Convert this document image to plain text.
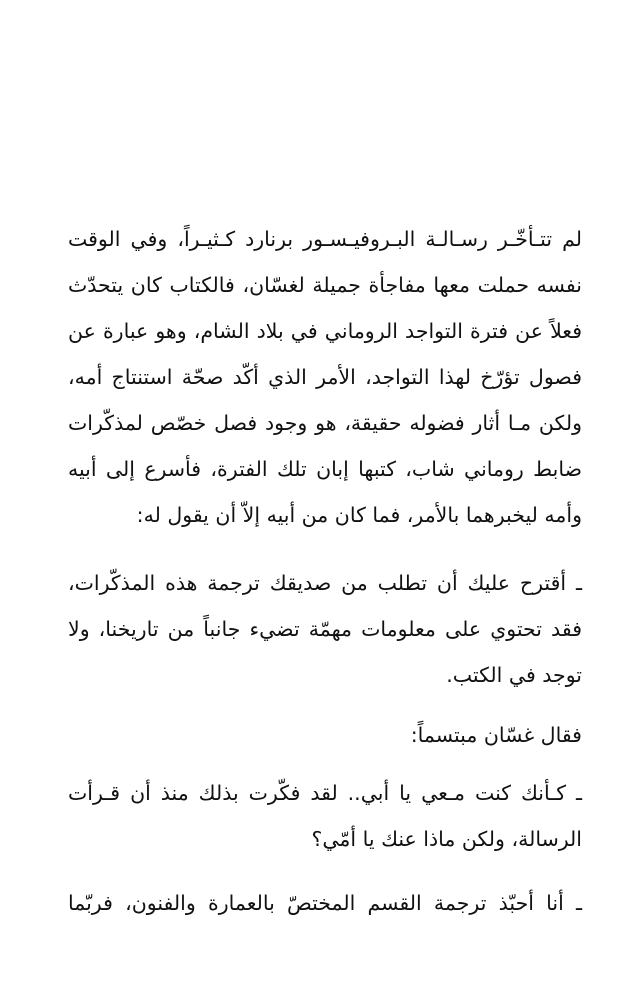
لم تتـأخّـر رسـالـة البـروفيـسـور برنارد كـثيـراً، وفي الوقت
نفسه حملت معها مفاجأة جميلة لغسّان، فالكتاب كان يتحدّث
فعلاً عن فترة التواجد الروماني في بلاد الشام، وهو عبارة عن
فصول تؤرّخ لهذا التواجد، الأمر الذي أكّد صحّة استنتاج أمه،
ولكن مـا أثار فضوله حقيقة، هو وجود فصل خصّص لمذكّرات
ضابط روماني شاب، كتبها إبان تلك الفترة، فأسرع إلى أبيه
وأمه ليخبرهما بالأمر، فما كان من أبيه إلاّ أن يقول له:
ـ أقترح عليك أن تطلب من صديقك ترجمة هذه المذكّرات،
فقد تحتوي على معلومات مهمّة تضيء جانباً من تاريخنا، ولا
توجد في الكتب.
فقال غسّان مبتسماً:
ـ كـأنك كنت مـعي يا أبي.. لقد فكّرت بذلك منذ أن قـرأت
الرسالة، ولكن ماذا عنك يا أمّي؟
ـ أنا أحبّذ ترجمة القسم المختصّ بالعمارة والفنون، فربّما
